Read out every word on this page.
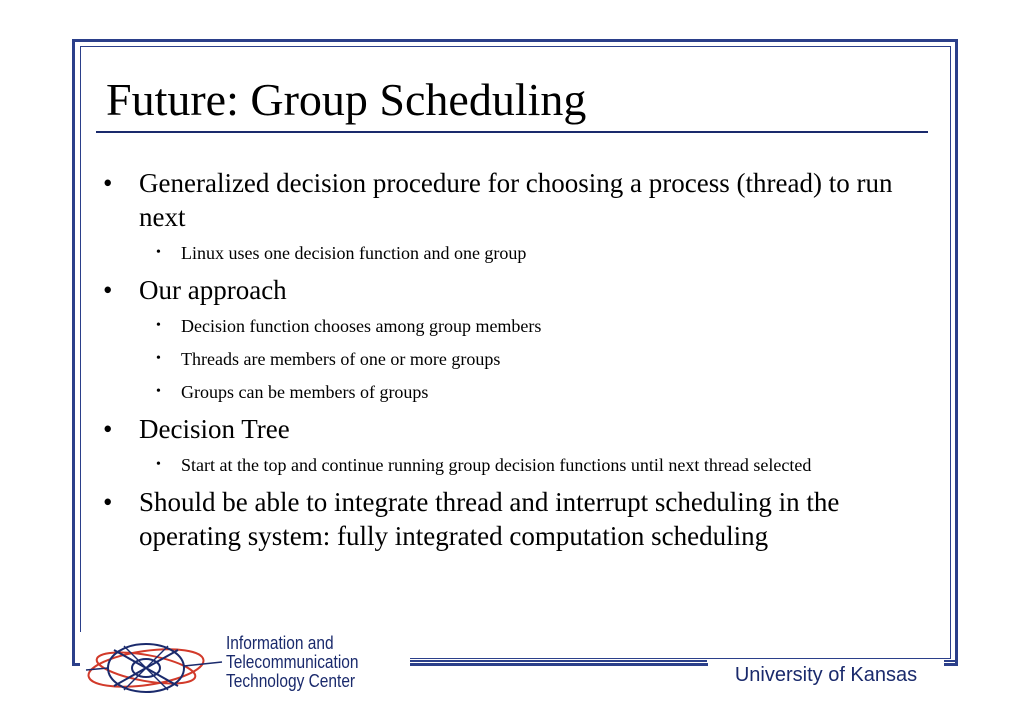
Future: Group Scheduling
• Generalized decision procedure for choosing a process (thread) to run next
• Linux uses one decision function and one group
• Our approach
• Decision function chooses among group members
• Threads are members of one or more groups
• Groups can be members of groups
• Decision Tree
• Start at the top and continue running group decision functions until next thread selected
• Should be able to integrate thread and interrupt scheduling in the operating system: fully integrated computation scheduling
University of Kansas
Information and
Telecommunication
Technology Center
